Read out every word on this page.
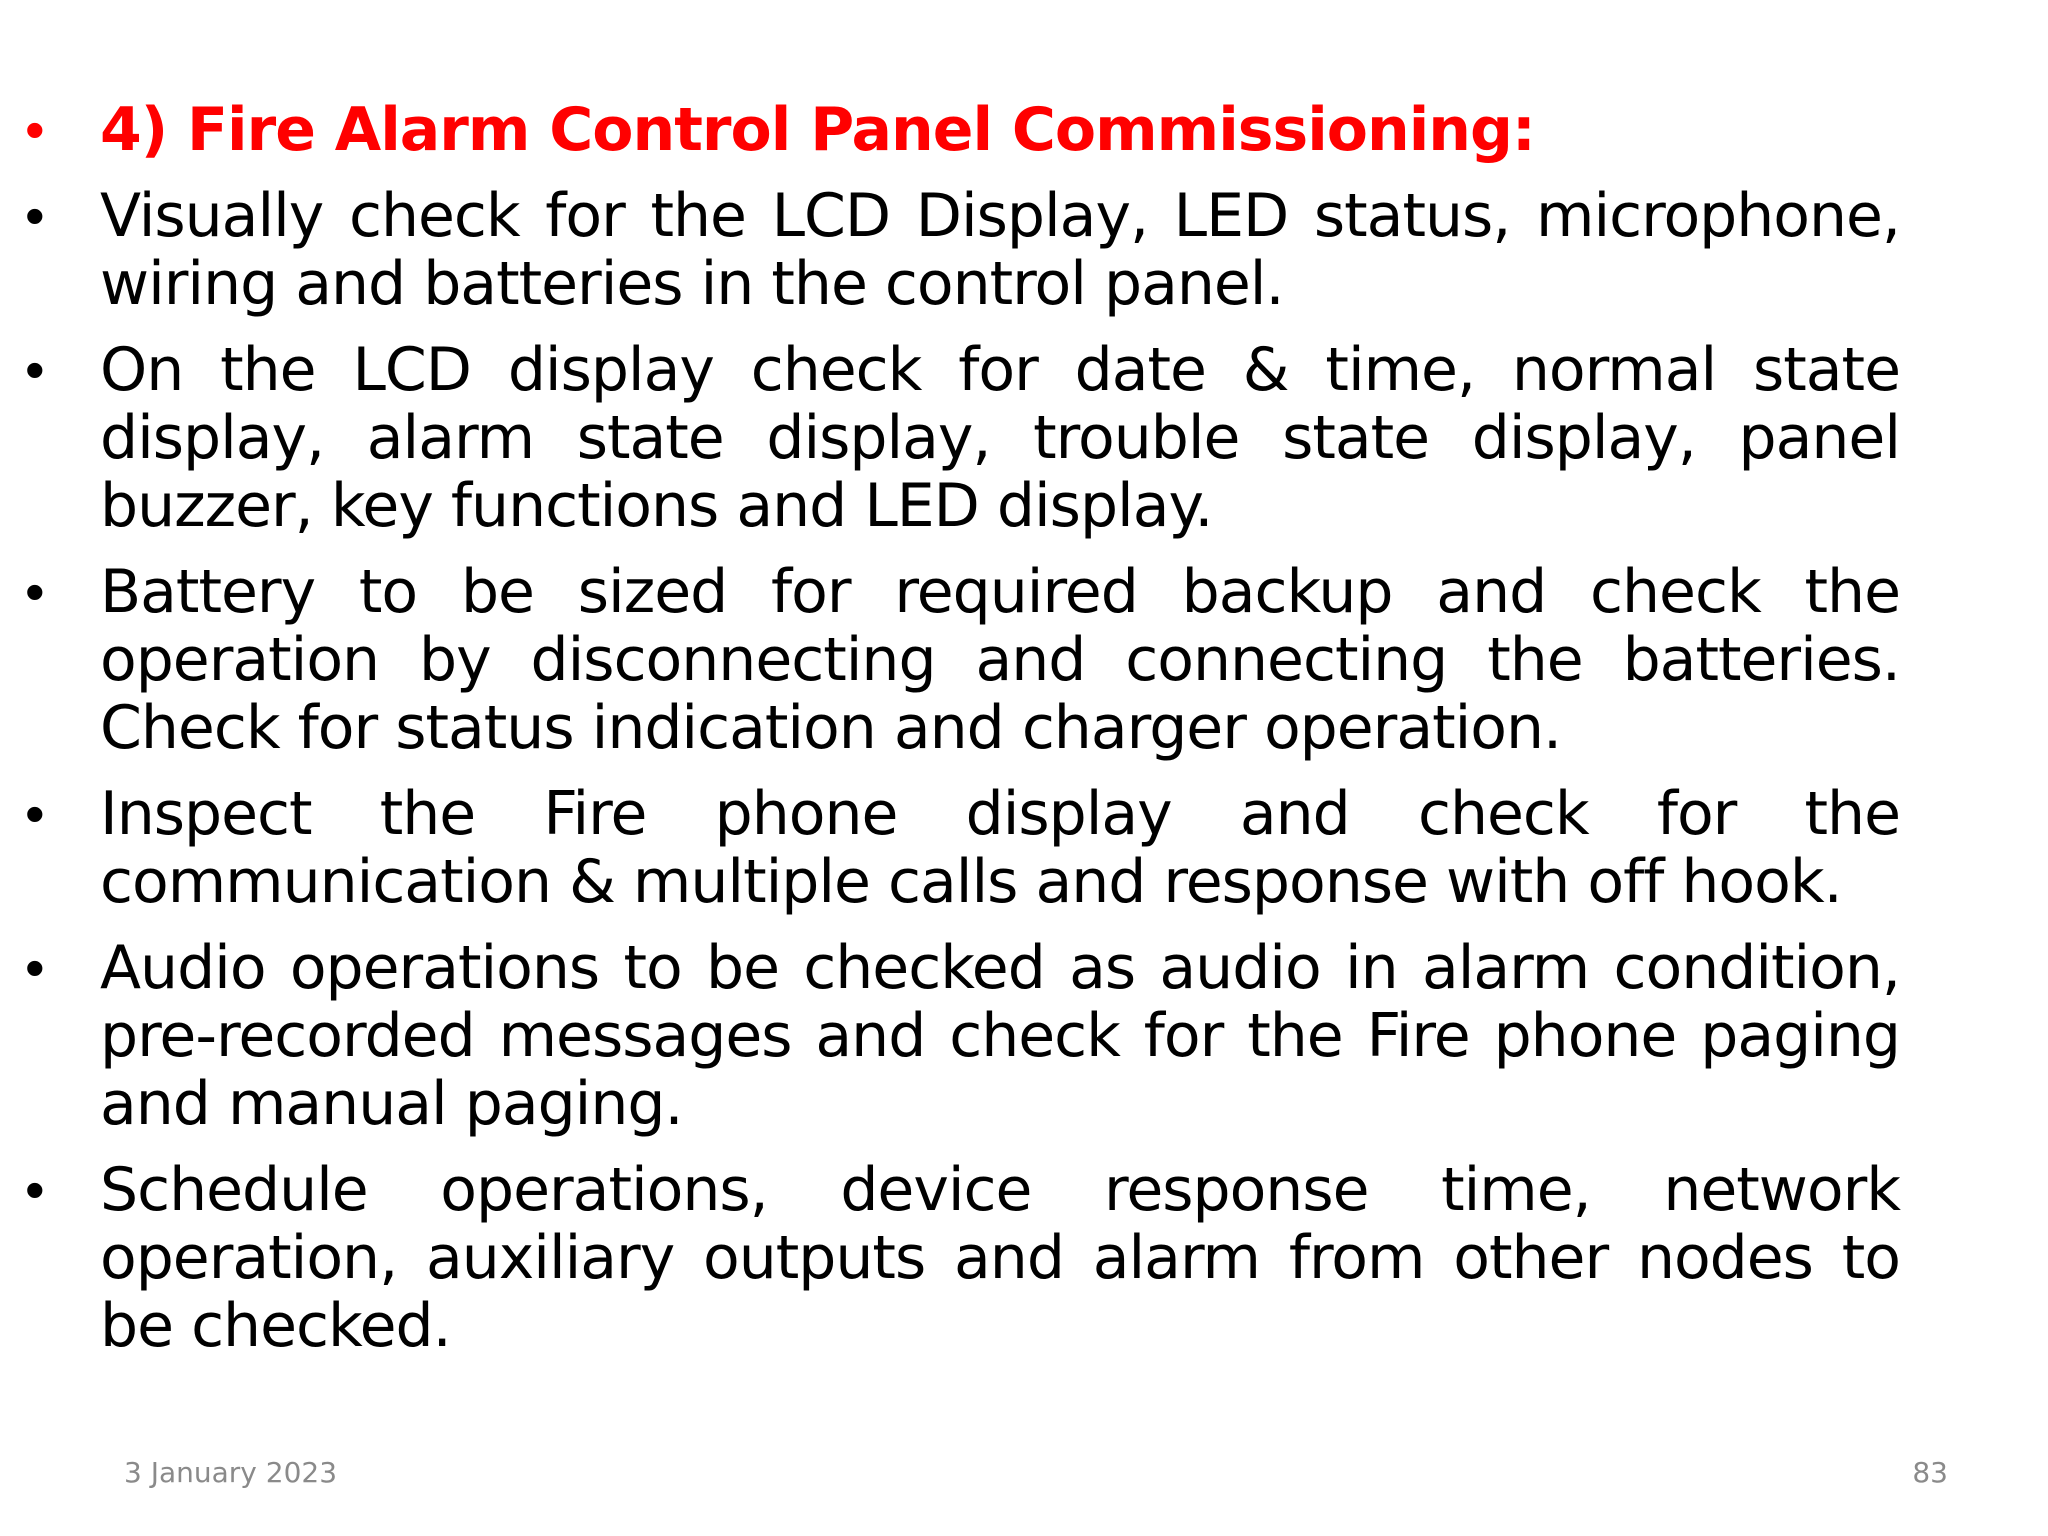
• 4) Fire Alarm Control Panel Commissioning:
• Visually check for the LCD Display, LED status, microphone, wiring and batteries in the control panel.
• On the LCD display check for date & time, normal state display, alarm state display, trouble state display, panel buzzer, key functions and LED display.
• Battery to be sized for required backup and check the operation by disconnecting and connecting the batteries. Check for status indication and charger operation.
• Inspect the Fire phone display and check for the communication & multiple calls and response with off hook.
• Audio operations to be checked as audio in alarm condition, pre-recorded messages and check for the Fire phone paging and manual paging.
• Schedule operations, device response time, network operation, auxiliary outputs and alarm from other nodes to be checked.
3 January 2023	83
